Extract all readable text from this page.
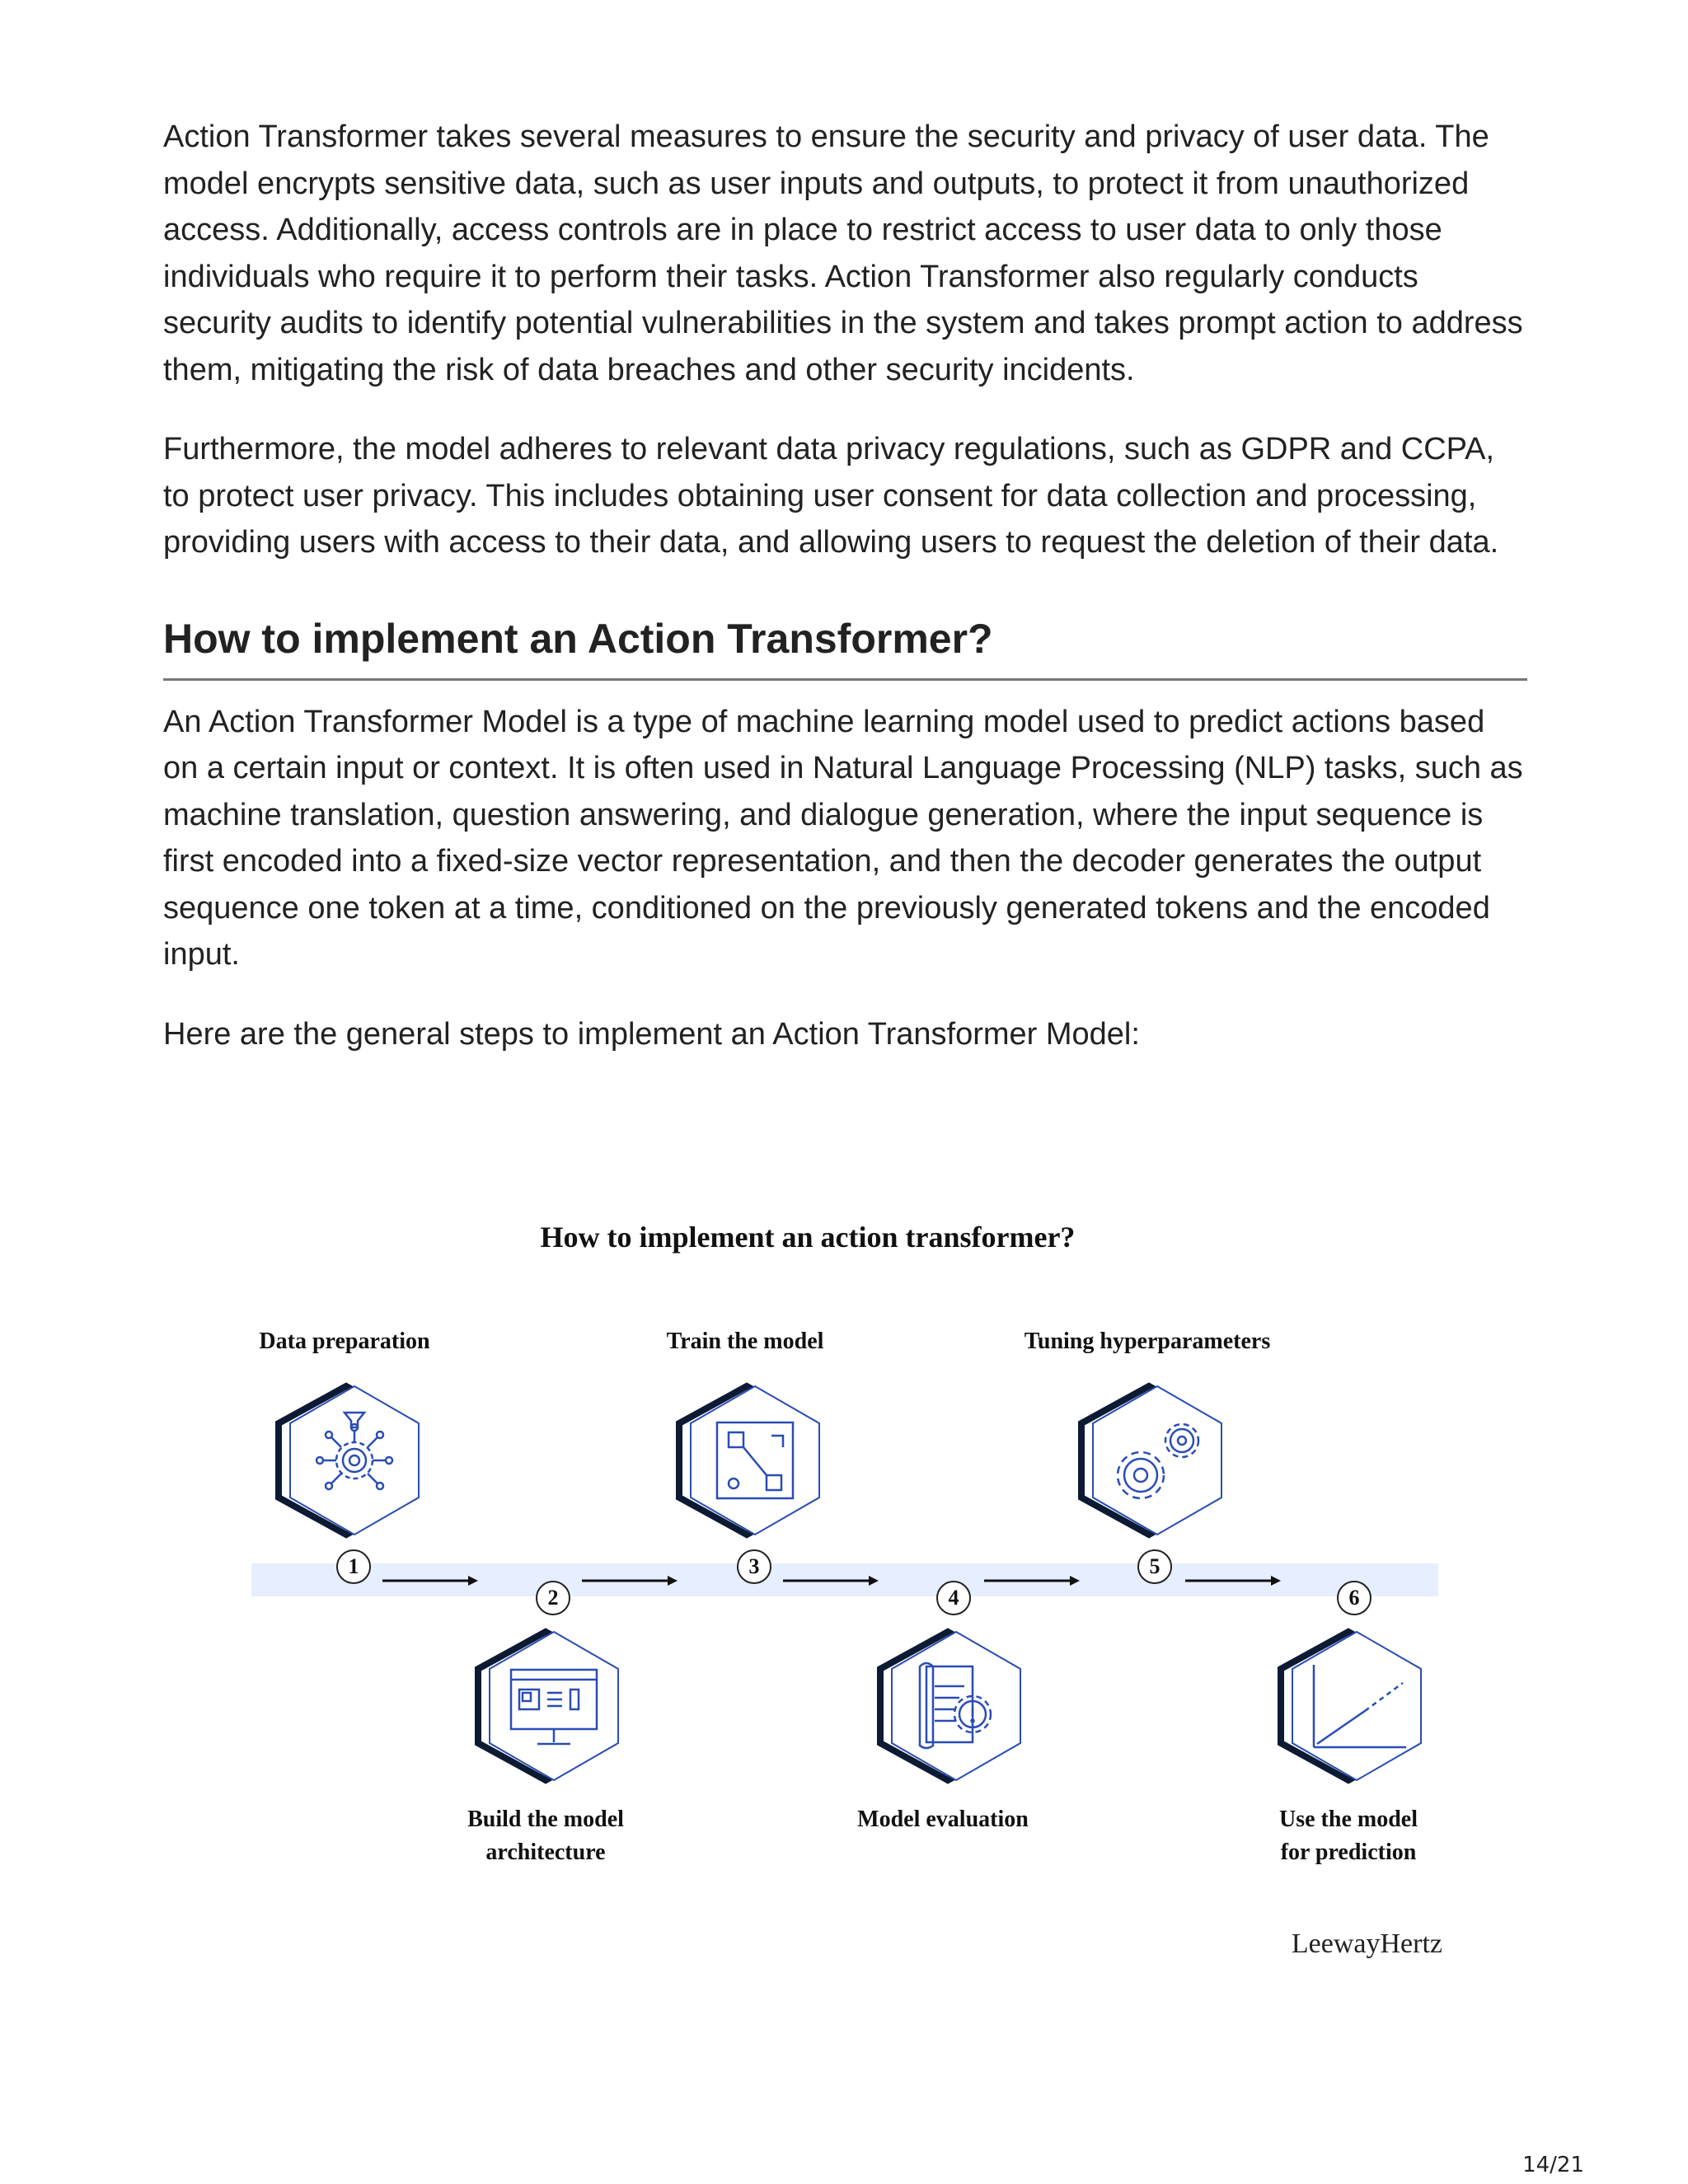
Action Transformer takes several measures to ensure the security and privacy of user data. The model encrypts sensitive data, such as user inputs and outputs, to protect it from unauthorized access. Additionally, access controls are in place to restrict access to user data to only those individuals who require it to perform their tasks. Action Transformer also regularly conducts security audits to identify potential vulnerabilities in the system and takes prompt action to address them, mitigating the risk of data breaches and other security incidents.

Furthermore, the model adheres to relevant data privacy regulations, such as GDPR and CCPA, to protect user privacy. This includes obtaining user consent for data collection and processing, providing users with access to their data, and allowing users to request the deletion of their data.

How to implement an Action Transformer?

An Action Transformer Model is a type of machine learning model used to predict actions based on a certain input or context. It is often used in Natural Language Processing (NLP) tasks, such as machine translation, question answering, and dialogue generation, where the input sequence is first encoded into a fixed-size vector representation, and then the decoder generates the output sequence one token at a time, conditioned on the previously generated tokens and the encoded input.

Here are the general steps to implement an Action Transformer Model:

How to implement an action transformer?
Data preparation	Train the model	Tuning hyperparameters
1
2
3
4
5
6
Build the model
architecture
Model evaluation	Use the model
for prediction
LeewayHertz
14/21
